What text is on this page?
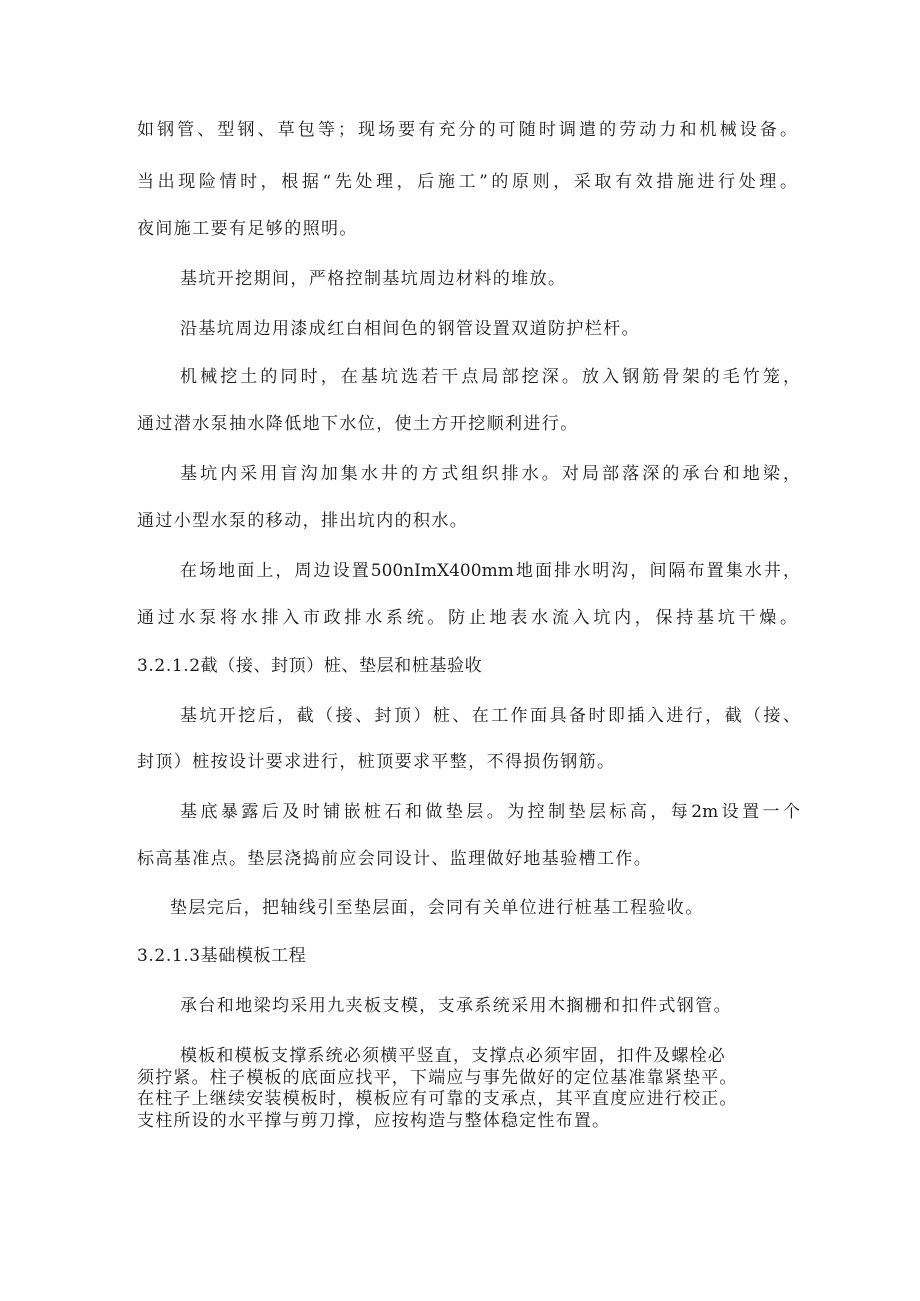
如钢管、型钢、草包等；现场要有充分的可随时调遣的劳动力和机械设备。
当出现险情时，根据“先处理，后施工”的原则，采取有效措施进行处理。
夜间施工要有足够的照明。
基坑开挖期间，严格控制基坑周边材料的堆放。
沿基坑周边用漆成红白相间色的钢管设置双道防护栏杆。
机械挖土的同时，在基坑选若干点局部挖深。放入钢筋骨架的毛竹笼，
通过潜水泵抽水降低地下水位，使土方开挖顺利进行。
基坑内采用盲沟加集水井的方式组织排水。对局部落深的承台和地梁，
通过小型水泵的移动，排出坑内的积水。
在场地面上，周边设置500nImX400mm地面排水明沟，间隔布置集水井，
通过水泵将水排入市政排水系统。防止地表水流入坑内，保持基坑干燥。
3.2.1.2截（接、封顶）桩、垫层和桩基验收
基坑开挖后，截（接、封顶）桩、在工作面具备时即插入进行，截（接、
封顶）桩按设计要求进行，桩顶要求平整，不得损伤钢筋。
基底暴露后及时铺嵌桩石和做垫层。为控制垫层标高，每2m设置一个
标高基准点。垫层浇捣前应会同设计、监理做好地基验槽工作。
垫层完后，把轴线引至垫层面，会同有关单位进行桩基工程验收。
3.2.1.3基础模板工程
承台和地梁均采用九夹板支模，支承系统采用木搁栅和扣件式钢管。
模板和模板支撑系统必须横平竖直，支撑点必须牢固，扣件及螺栓必
须拧紧。柱子模板的底面应找平，下端应与事先做好的定位基准靠紧垫平。
在柱子上继续安装模板时，模板应有可靠的支承点，其平直度应进行校正。
支柱所设的水平撑与剪刀撑，应按构造与整体稳定性布置。
